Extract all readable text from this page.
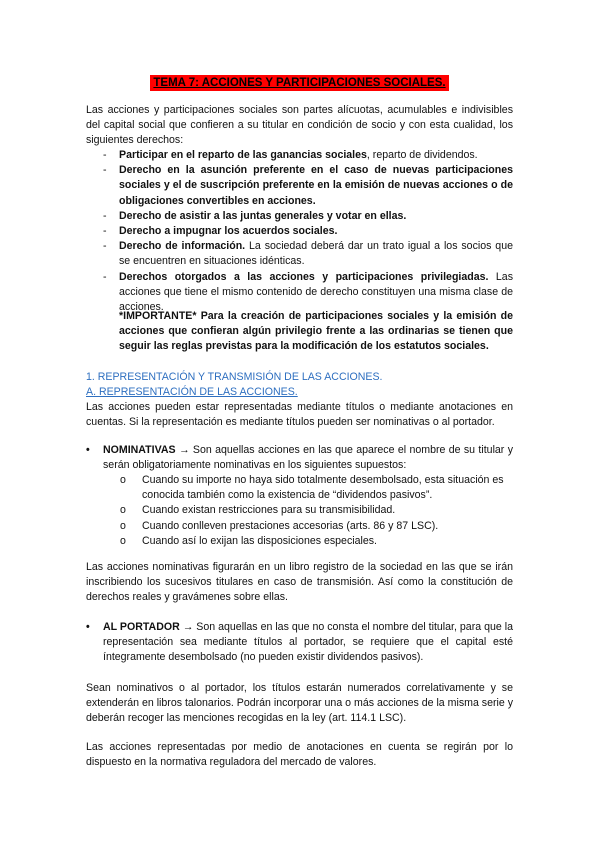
TEMA 7: ACCIONES Y PARTICIPACIONES SOCIALES.

Las acciones y participaciones sociales son partes alícuotas, acumulables e indivisibles del capital social que confieren a su titular en condición de socio y con esta cualidad, los siguientes derechos:

- Participar en el reparto de las ganancias sociales, reparto de dividendos.
- Derecho en la asunción preferente en el caso de nuevas participaciones sociales y el de suscripción preferente en la emisión de nuevas acciones o de obligaciones convertibles en acciones.
- Derecho de asistir a las juntas generales y votar en ellas.
- Derecho a impugnar los acuerdos sociales.
- Derecho de información. La sociedad deberá dar un trato igual a los socios que se encuentren en situaciones idénticas.
- Derechos otorgados a las acciones y participaciones privilegiadas. Las acciones que tiene el mismo contenido de derecho constituyen una misma clase de acciones.

*IMPORTANTE* Para la creación de participaciones sociales y la emisión de acciones que confieran algún privilegio frente a las ordinarias se tienen que seguir las reglas previstas para la modificación de los estatutos sociales.

1. REPRESENTACIÓN Y TRANSMISIÓN DE LAS ACCIONES.

A. REPRESENTACIÓN DE LAS ACCIONES.

Las acciones pueden estar representadas mediante títulos o mediante anotaciones en cuentas. Si la representación es mediante títulos pueden ser nominativas o al portador.

• NOMINATIVAS → Son aquellas acciones en las que aparece el nombre de su titular y serán obligatoriamente nominativas en los siguientes supuestos:
o Cuando su importe no haya sido totalmente desembolsado, esta situación es conocida también como la existencia de “dividendos pasivos”.
o Cuando existan restricciones para su transmisibilidad.
o Cuando conlleven prestaciones accesorias (arts. 86 y 87 LSC).
o Cuando así lo exijan las disposiciones especiales.

Las acciones nominativas figurarán en un libro registro de la sociedad en las que se irán inscribiendo los sucesivos titulares en caso de transmisión. Así como la constitución de derechos reales y gravámenes sobre ellas.

• AL PORTADOR → Son aquellas en las que no consta el nombre del titular, para que la representación sea mediante títulos al portador, se requiere que el capital esté íntegramente desembolsado (no pueden existir dividendos pasivos).

Sean nominativos o al portador, los títulos estarán numerados correlativamente y se extenderán en libros talonarios. Podrán incorporar una o más acciones de la misma serie y deberán recoger las menciones recogidas en la ley (art. 114.1 LSC).

Las acciones representadas por medio de anotaciones en cuenta se regirán por lo dispuesto en la normativa reguladora del mercado de valores.
